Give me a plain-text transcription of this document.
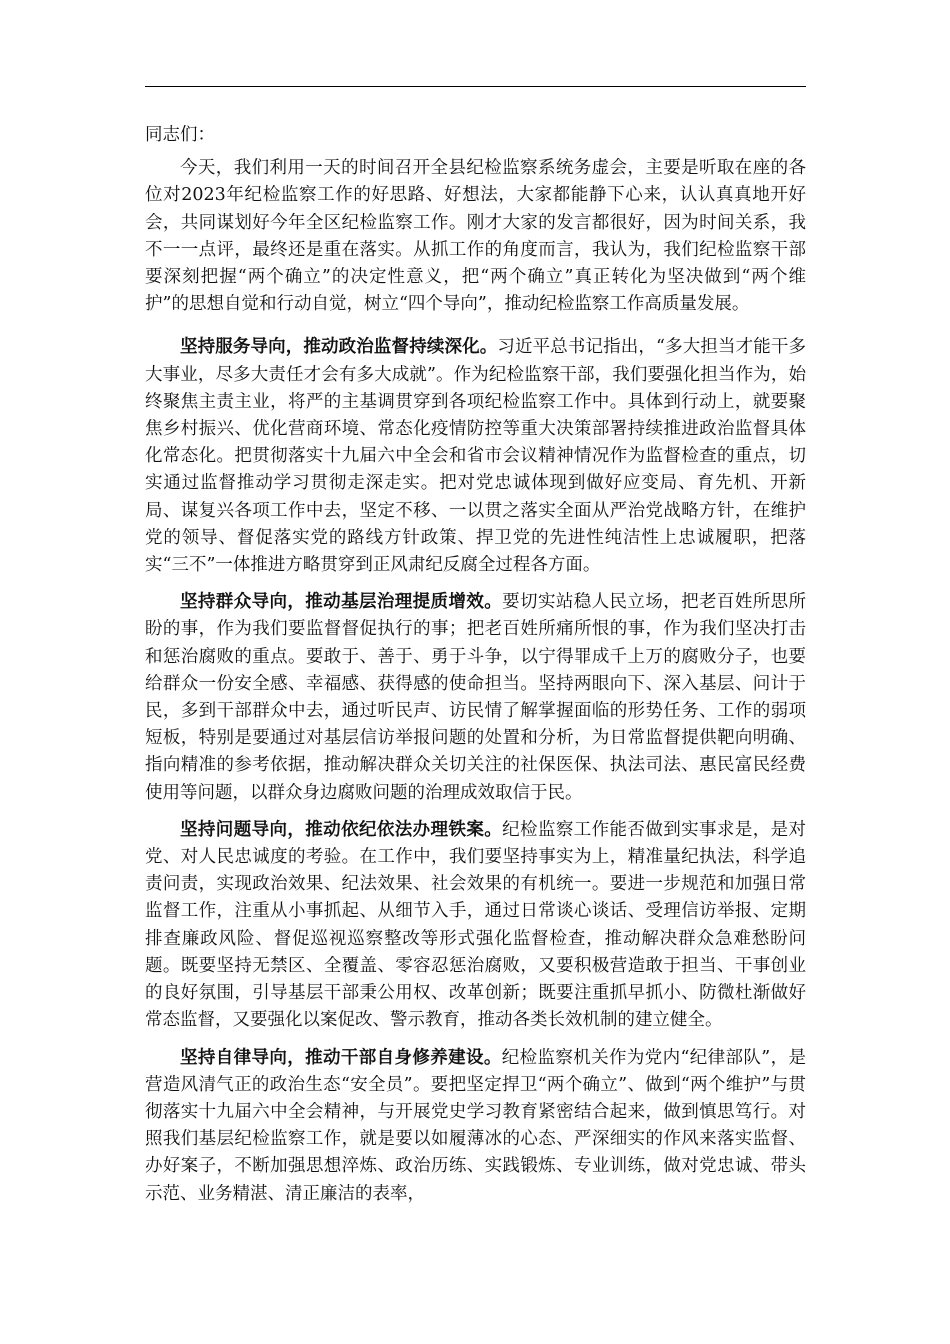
同志们：

今天，我们利用一天的时间召开全县纪检监察系统务虚会，主要是听取在座的各位对2023年纪检监察工作的好思路、好想法，大家都能静下心来，认认真真地开好会，共同谋划好今年全区纪检监察工作。刚才大家的发言都很好，因为时间关系，我不一一点评，最终还是重在落实。从抓工作的角度而言，我认为，我们纪检监察干部要深刻把握“两个确立”的决定性意义，把“两个确立”真正转化为坚决做到“两个维护”的思想自觉和行动自觉，树立“四个导向”，推动纪检监察工作高质量发展。

坚持服务导向，推动政治监督持续深化。习近平总书记指出，“多大担当才能干多大事业，尽多大责任才会有多大成就”。作为纪检监察干部，我们要强化担当作为，始终聚焦主责主业，将严的主基调贯穿到各项纪检监察工作中。具体到行动上，就要聚焦乡村振兴、优化营商环境、常态化疫情防控等重大决策部署持续推进政治监督具体化常态化。把贯彻落实十九届六中全会和省市会议精神情况作为监督检查的重点，切实通过监督推动学习贯彻走深走实。把对党忠诚体现到做好应变局、育先机、开新局、谋复兴各项工作中去，坚定不移、一以贯之落实全面从严治党战略方针，在维护党的领导、督促落实党的路线方针政策、捍卫党的先进性纯洁性上忠诚履职，把落实“三不”一体推进方略贯穿到正风肃纪反腐全过程各方面。

坚持群众导向，推动基层治理提质增效。要切实站稳人民立场，把老百姓所思所盼的事，作为我们要监督督促执行的事；把老百姓所痛所恨的事，作为我们坚决打击和惩治腐败的重点。要敢于、善于、勇于斗争，以宁得罪成千上万的腐败分子，也要给群众一份安全感、幸福感、获得感的使命担当。坚持两眼向下、深入基层、问计于民，多到干部群众中去，通过听民声、访民情了解掌握面临的形势任务、工作的弱项短板，特别是要通过对基层信访举报问题的处置和分析，为日常监督提供靶向明确、指向精准的参考依据，推动解决群众关切关注的社保医保、执法司法、惠民富民经费使用等问题，以群众身边腐败问题的治理成效取信于民。

坚持问题导向，推动依纪依法办理铁案。纪检监察工作能否做到实事求是，是对党、对人民忠诚度的考验。在工作中，我们要坚持事实为上，精准量纪执法，科学追责问责，实现政治效果、纪法效果、社会效果的有机统一。要进一步规范和加强日常监督工作，注重从小事抓起、从细节入手，通过日常谈心谈话、受理信访举报、定期排查廉政风险、督促巡视巡察整改等形式强化监督检查，推动解决群众急难愁盼问题。既要坚持无禁区、全覆盖、零容忍惩治腐败，又要积极营造敢于担当、干事创业的良好氛围，引导基层干部秉公用权、改革创新；既要注重抓早抓小、防微杜渐做好常态监督，又要强化以案促改、警示教育，推动各类长效机制的建立健全。

坚持自律导向，推动干部自身修养建设。纪检监察机关作为党内“纪律部队”，是营造风清气正的政治生态“安全员”。要把坚定捍卫“两个确立”、做到“两个维护”与贯彻落实十九届六中全会精神，与开展党史学习教育紧密结合起来，做到慎思笃行。对照我们基层纪检监察工作，就是要以如履薄冰的心态、严深细实的作风来落实监督、办好案子，不断加强思想淬炼、政治历练、实践锻炼、专业训练，做对党忠诚、带头示范、业务精湛、清正廉洁的表率，
